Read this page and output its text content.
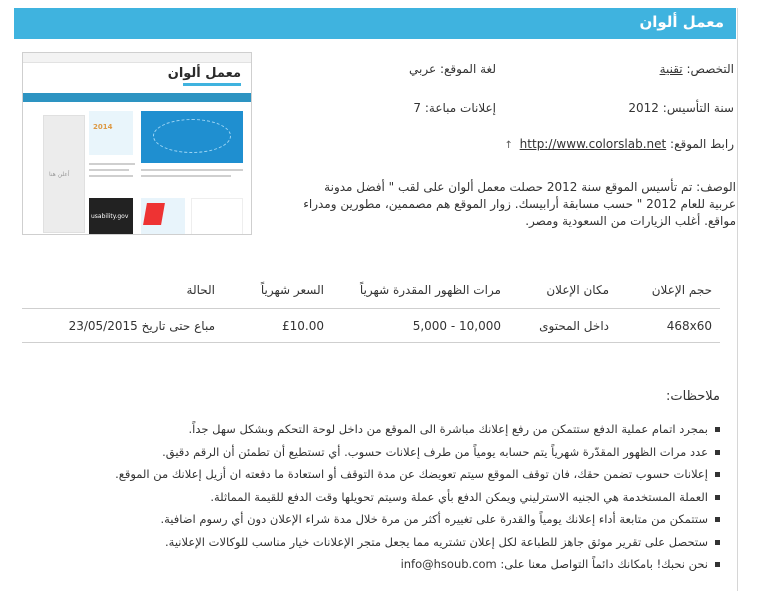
معمل ألوان
معمل ألوان
أعلن هنا
2014
usability.gov
التخصص: تقنية
لغة الموقع: عربي
سنة التأسيس: 2012
إعلانات مباعة: 7
رابط الموقع: http://www.colorslab.net ↑
الوصف: تم تأسيس الموقع سنة 2012 حصلت معمل ألوان على لقب " أفضل مدونة
عربية للعام 2012 " حسب مسابقة أرابيسك. زوار الموقع هم مصممين، مطورين ومدراء
مواقع. أغلب الزيارات من السعودية ومصر.
حجم الإعلان
مكان الإعلان
مرات الظهور المقدرة شهرياً
السعر شهرياً
الحالة
468x60
داخل المحتوى
5,000 - 10,000
£10.00
مباع حتى تاريخ 23/05/2015
ملاحظات:
بمجرد اتمام عملية الدفع ستتمكن من رفع إعلانك مباشرة الى الموقع من داخل لوحة التحكم وبشكل سهل جداً.
عدد مرات الظهور المقدّرة شهرياً يتم حسابه يومياً من طرف إعلانات حسوب. أي تستطيع أن تطمئن أن الرقم دقيق.
إعلانات حسوب تضمن حقك، فان توقف الموقع سيتم تعويضك عن مدة التوقف أو استعادة ما دفعته ان أزيل إعلانك من الموقع.
العملة المستخدمة هي الجنيه الاسترليني ويمكن الدفع بأي عملة وسيتم تحويلها وقت الدفع للقيمة المماثلة.
ستتمكن من متابعة أداء إعلانك يومياً والقدرة على تغييره أكثر من مرة خلال مدة شراء الإعلان دون أي رسوم اضافية.
ستحصل على تقرير موثق جاهز للطباعة لكل إعلان تشتريه مما يجعل متجر الإعلانات خيار مناسب للوكالات الإعلانية.
نحن نحبك! بامكانك دائماً التواصل معنا على: info@hsoub.com
